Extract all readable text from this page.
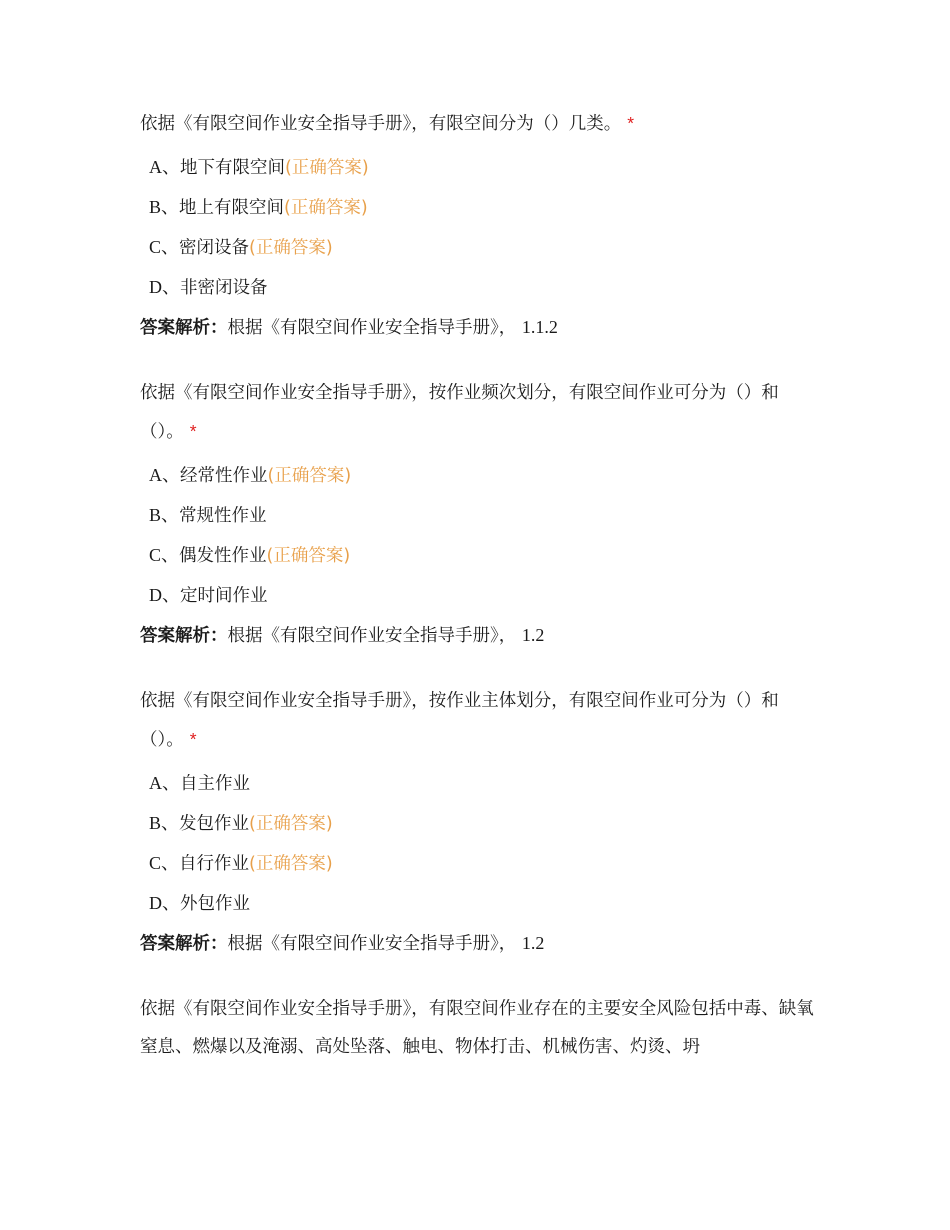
依据《有限空间作业安全指导手册》，有限空间分为（）几类。 *

A、地下有限空间(正确答案)
B、地上有限空间(正确答案)
C、密闭设备(正确答案)
D、非密闭设备
答案解析：根据《有限空间作业安全指导手册》， 1.1.2

依据《有限空间作业安全指导手册》，按作业频次划分，有限空间作业可分为（）和（）。 *

A、经常性作业(正确答案)
B、常规性作业
C、偶发性作业(正确答案)
D、定时间作业
答案解析：根据《有限空间作业安全指导手册》， 1.2

依据《有限空间作业安全指导手册》，按作业主体划分，有限空间作业可分为（）和（）。 *

A、自主作业
B、发包作业(正确答案)
C、自行作业(正确答案)
D、外包作业
答案解析：根据《有限空间作业安全指导手册》， 1.2

依据《有限空间作业安全指导手册》，有限空间作业存在的主要安全风险包括中毒、缺氧窒息、燃爆以及淹溺、高处坠落、触电、物体打击、机械伤害、灼烫、坍
